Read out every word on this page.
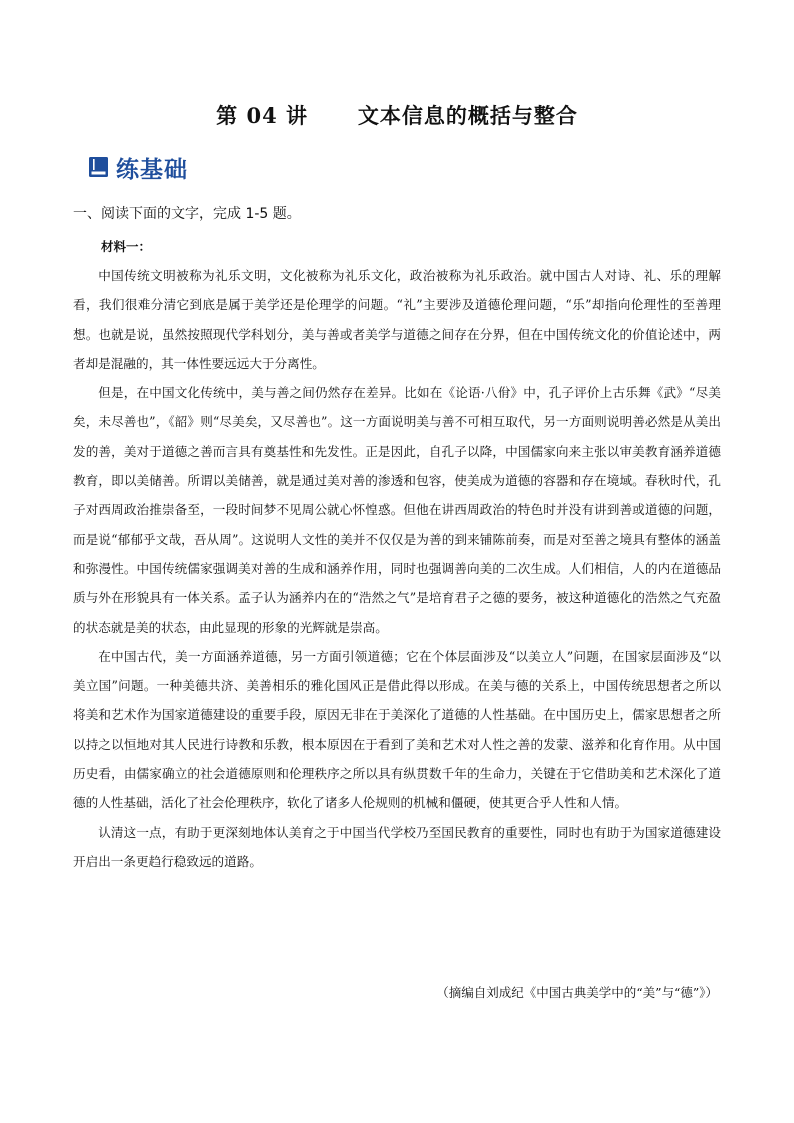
第 04 讲      文本信息的概括与整合
练基础
一、阅读下面的文字，完成 1-5 题。
材料一：

中国传统文明被称为礼乐文明，文化被称为礼乐文化，政治被称为礼乐政治。就中国古人对诗、礼、乐的理解看，我们很难分清它到底是属于美学还是伦理学的问题。“礼”主要涉及道德伦理问题，“乐”却指向伦理性的至善理想。也就是说，虽然按照现代学科划分，美与善或者美学与道德之间存在分界，但在中国传统文化的价值论述中，两者却是混融的，其一体性要远远大于分离性。

但是，在中国文化传统中，美与善之间仍然存在差异。比如在《论语·八佾》中，孔子评价上古乐舞《武》“尽美矣，未尽善也”，《韶》则“尽美矣，又尽善也”。这一方面说明美与善不可相互取代，另一方面则说明善必然是从美出发的善，美对于道德之善而言具有奠基性和先发性。正是因此，自孔子以降，中国儒家向来主张以审美教育涵养道德教育，即以美储善。所谓以美储善，就是通过美对善的渗透和包容，使美成为道德的容器和存在境域。春秋时代，孔子对西周政治推崇备至，一段时间梦不见周公就心怀惶惑。但他在讲西周政治的特色时并没有讲到善或道德的问题，而是说“郁郁乎文哉，吾从周”。这说明人文性的美并不仅仅是为善的到来铺陈前奏，而是对至善之境具有整体的涵盖和弥漫性。中国传统儒家强调美对善的生成和涵养作用，同时也强调善向美的二次生成。人们相信，人的内在道德品质与外在形貌具有一体关系。孟子认为涵养内在的“浩然之气”是培育君子之德的要务，被这种道德化的浩然之气充盈的状态就是美的状态，由此显现的形象的光辉就是崇高。

在中国古代，美一方面涵养道德，另一方面引领道德；它在个体层面涉及“以美立人”问题，在国家层面涉及“以美立国”问题。一种美德共济、美善相乐的雅化国风正是借此得以形成。在美与德的关系上，中国传统思想者之所以将美和艺术作为国家道德建设的重要手段，原因无非在于美深化了道德的人性基础。在中国历史上，儒家思想者之所以持之以恒地对其人民进行诗教和乐教，根本原因在于看到了美和艺术对人性之善的发蒙、滋养和化育作用。从中国历史看，由儒家确立的社会道德原则和伦理秩序之所以具有纵贯数千年的生命力，关键在于它借助美和艺术深化了道德的人性基础，活化了社会伦理秩序，软化了诸多人伦规则的机械和僵硬，使其更合乎人性和人情。

认清这一点，有助于更深刻地体认美育之于中国当代学校乃至国民教育的重要性，同时也有助于为国家道德建设开启出一条更趋行稳致远的道路。

（摘编自刘成纪《中国古典美学中的“美”与“德”》）
